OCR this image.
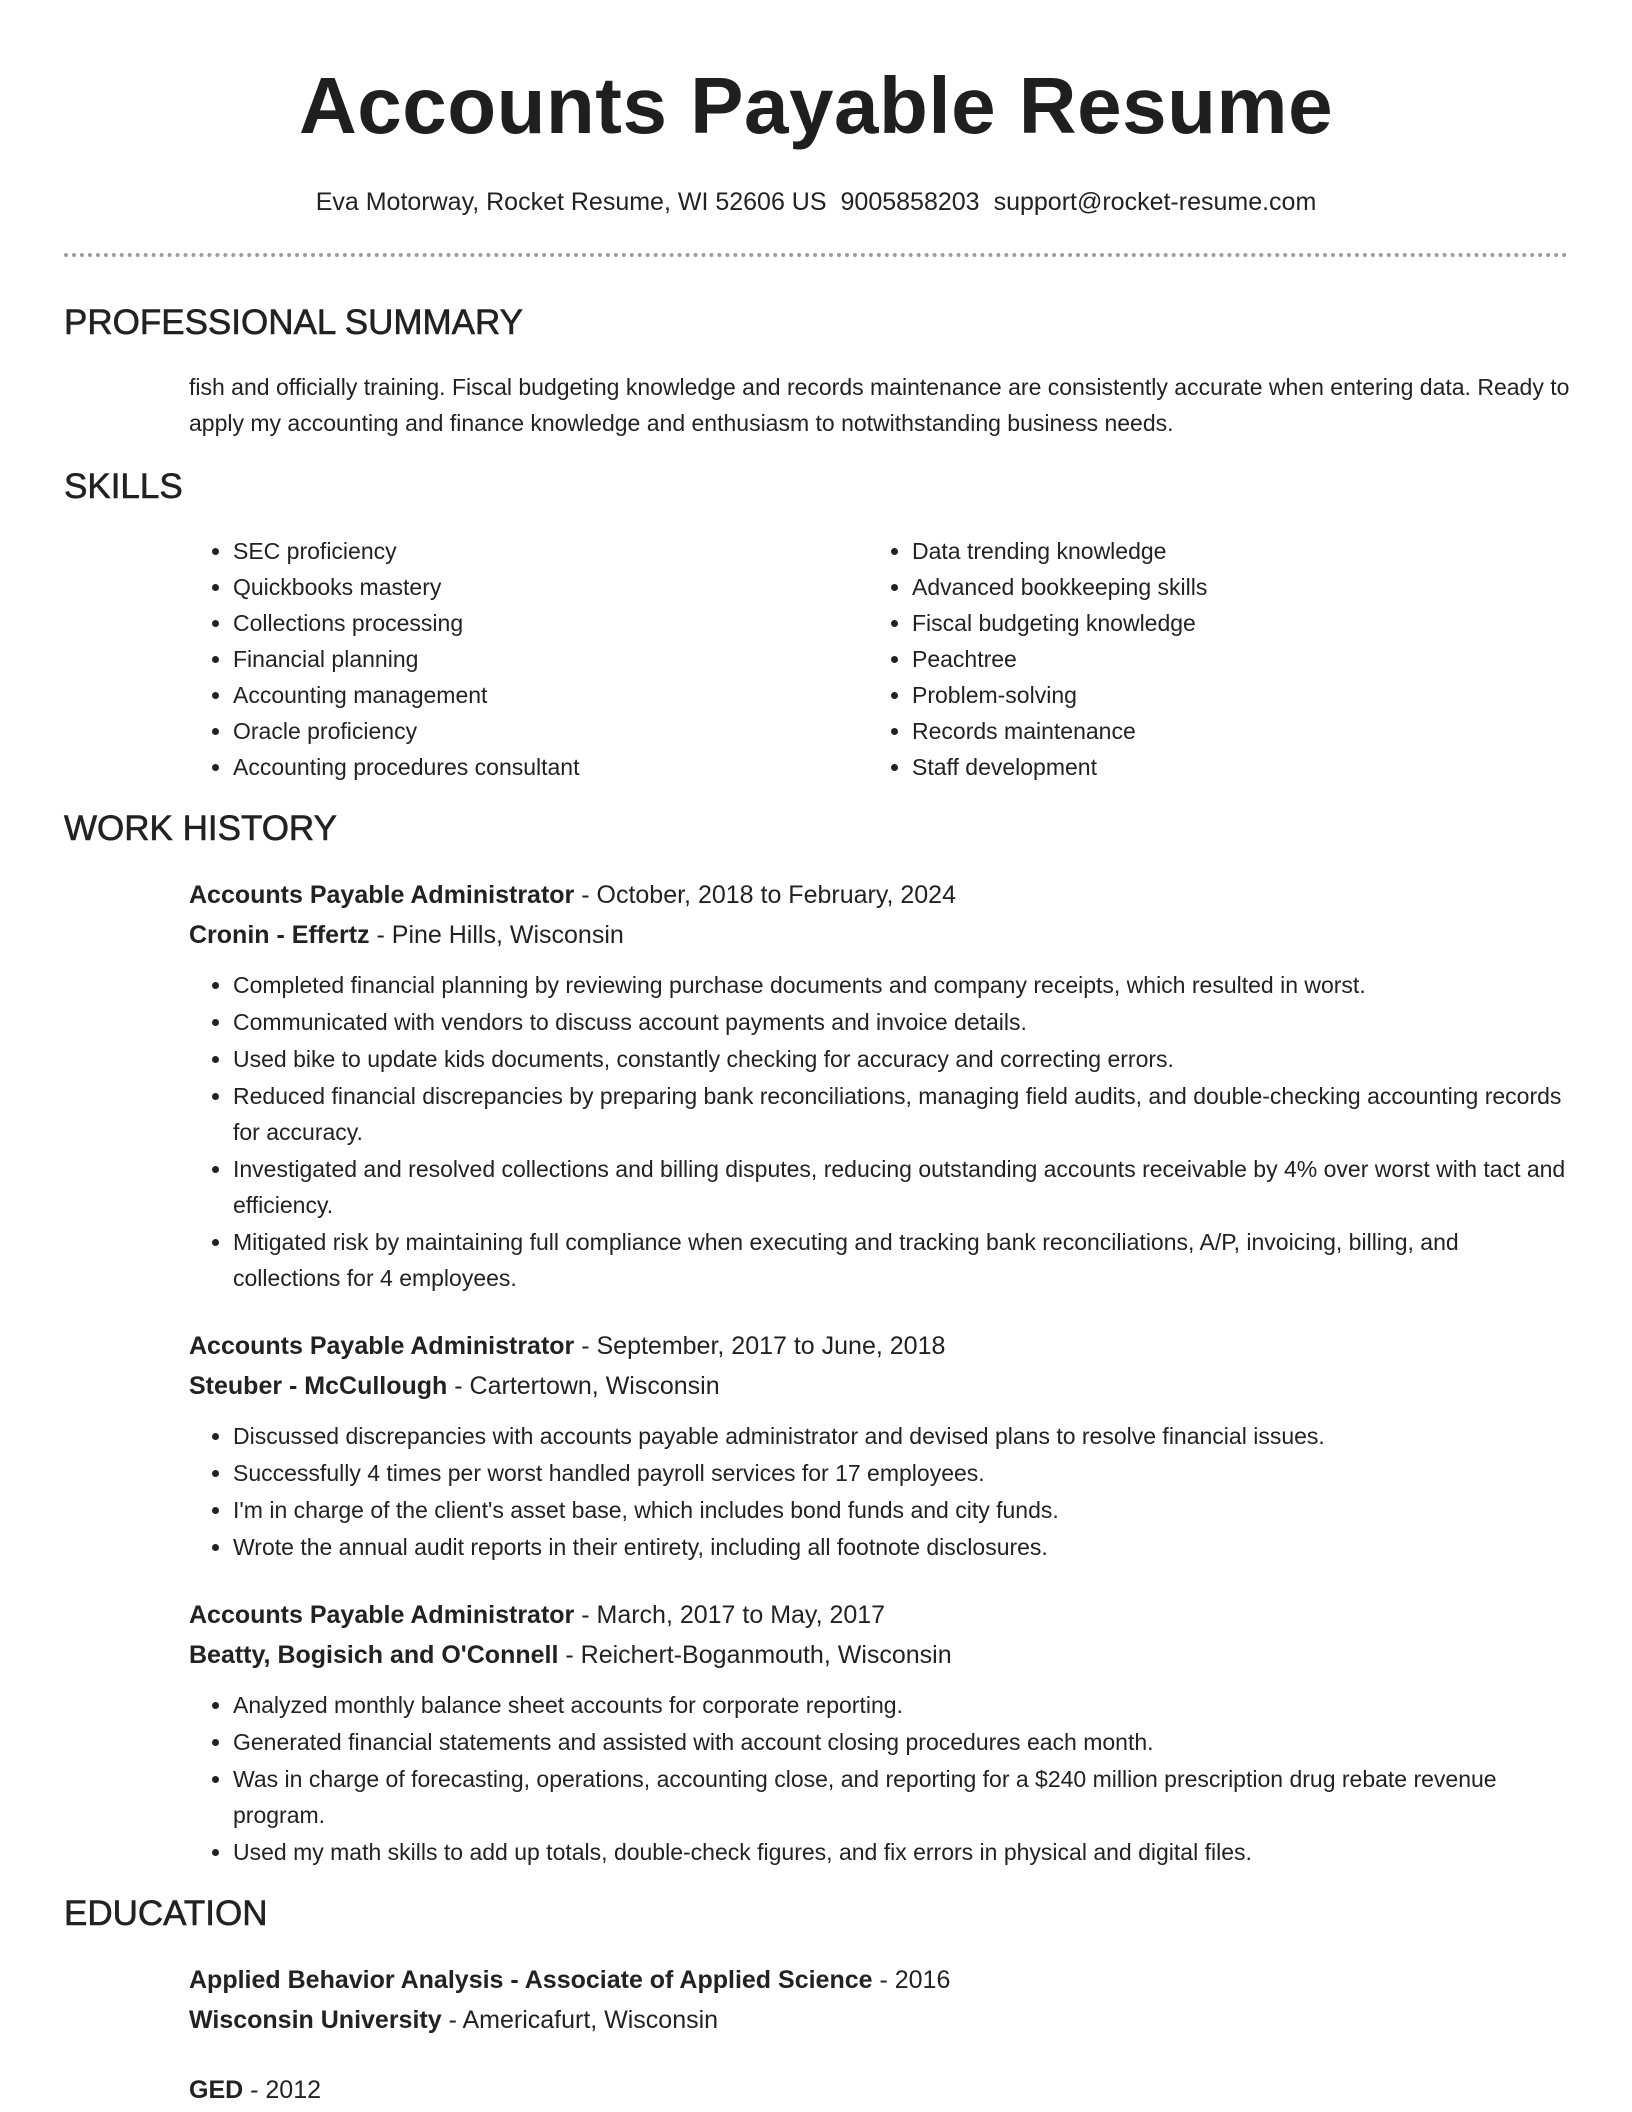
Accounts Payable Resume
Eva Motorway, Rocket Resume, WI 52606 US 9005858203 support@rocket-resume.com
PROFESSIONAL SUMMARY

fish and officially training. Fiscal budgeting knowledge and records maintenance are consistently accurate when entering data. Ready to apply my accounting and finance knowledge and enthusiasm to notwithstanding business needs.

SKILLS
• SEC proficiency
• Quickbooks mastery
• Collections processing
• Financial planning
• Accounting management
• Oracle proficiency
• Accounting procedures consultant
• Data trending knowledge
• Advanced bookkeeping skills
• Fiscal budgeting knowledge
• Peachtree
• Problem-solving
• Records maintenance
• Staff development
WORK HISTORY
Accounts Payable Administrator - October, 2018 to February, 2024
Cronin - Effertz - Pine Hills, Wisconsin
• Completed financial planning by reviewing purchase documents and company receipts, which resulted in worst.
• Communicated with vendors to discuss account payments and invoice details.
• Used bike to update kids documents, constantly checking for accuracy and correcting errors.
• Reduced financial discrepancies by preparing bank reconciliations, managing field audits, and double-checking accounting records for accuracy.
• Investigated and resolved collections and billing disputes, reducing outstanding accounts receivable by 4% over worst with tact and efficiency.
• Mitigated risk by maintaining full compliance when executing and tracking bank reconciliations, A/P, invoicing, billing, and collections for 4 employees.
Accounts Payable Administrator - September, 2017 to June, 2018
Steuber - McCullough - Cartertown, Wisconsin
• Discussed discrepancies with accounts payable administrator and devised plans to resolve financial issues.
• Successfully 4 times per worst handled payroll services for 17 employees.
• I'm in charge of the client's asset base, which includes bond funds and city funds.
• Wrote the annual audit reports in their entirety, including all footnote disclosures.
Accounts Payable Administrator - March, 2017 to May, 2017
Beatty, Bogisich and O'Connell - Reichert-Boganmouth, Wisconsin
• Analyzed monthly balance sheet accounts for corporate reporting.
• Generated financial statements and assisted with account closing procedures each month.
• Was in charge of forecasting, operations, accounting close, and reporting for a $240 million prescription drug rebate revenue program.
• Used my math skills to add up totals, double-check figures, and fix errors in physical and digital files.
EDUCATION
Applied Behavior Analysis - Associate of Applied Science - 2016
Wisconsin University - Americafurt, Wisconsin
GED - 2012
